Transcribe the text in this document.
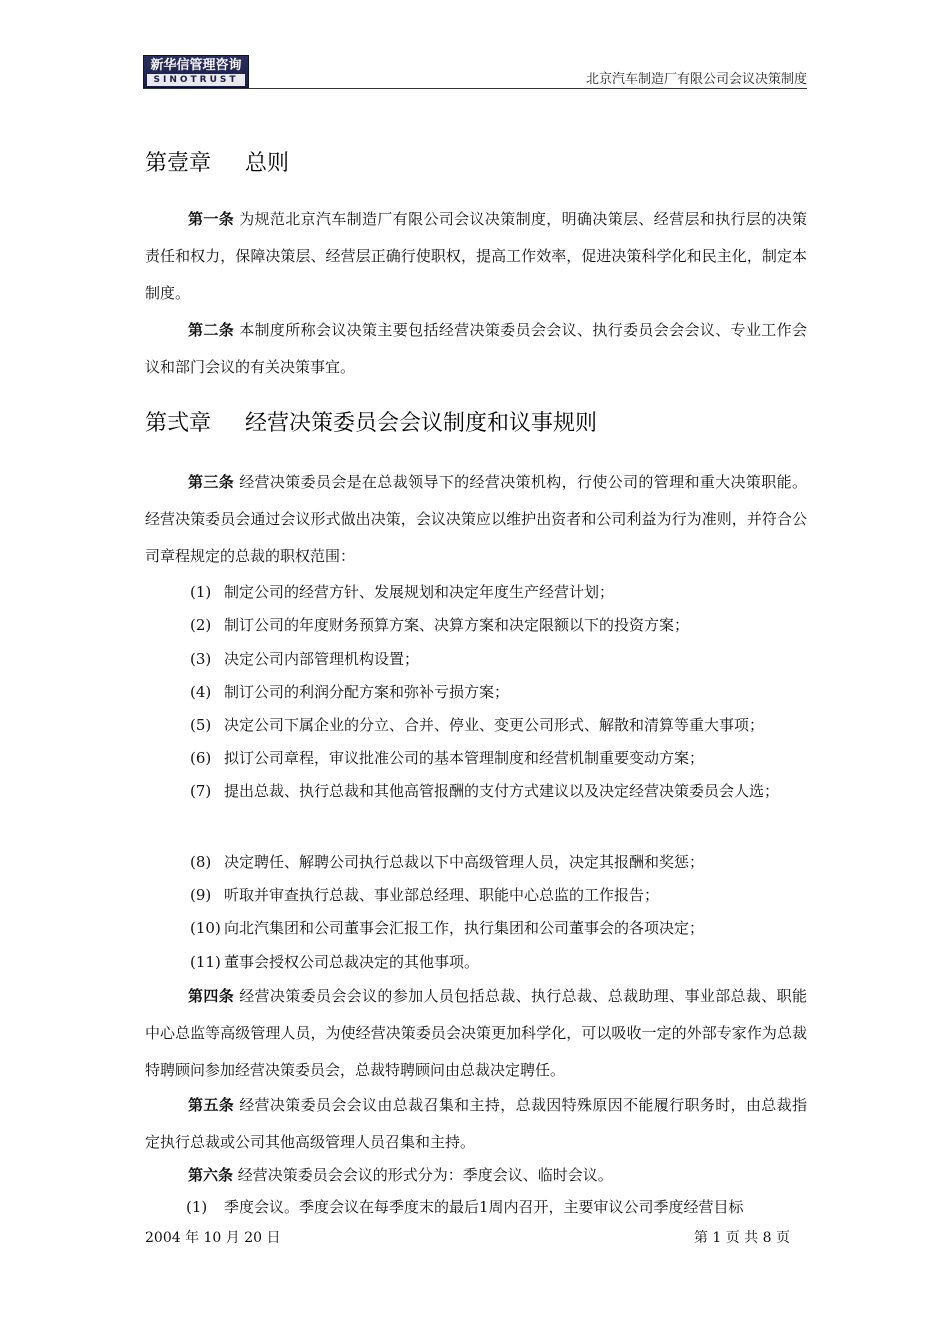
新华信管理咨询
SINOTRUST	北京汽车制造厂有限公司会议决策制度
第壹章 总则
第一条 为规范北京汽车制造厂有限公司会议决策制度，明确决策层、经营层和执行层的决策责任和权力，保障决策层、经营层正确行使职权，提高工作效率，促进决策科学化和民主化，制定本制度。
第二条 本制度所称会议决策主要包括经营决策委员会会议、执行委员会会会议、专业工作会议和部门会议的有关决策事宜。
第弍章 经营决策委员会会议制度和议事规则
第三条 经营决策委员会是在总裁领导下的经营决策机构，行使公司的管理和重大决策职能。经营决策委员会通过会议形式做出决策，会议决策应以维护出资者和公司利益为行为准则，并符合公司章程规定的总裁的职权范围：
(1) 制定公司的经营方针、发展规划和决定年度生产经营计划；
(2) 制订公司的年度财务预算方案、决算方案和决定限额以下的投资方案；
(3) 决定公司内部管理机构设置；
(4) 制订公司的利润分配方案和弥补亏损方案；
(5) 决定公司下属企业的分立、合并、停业、变更公司形式、解散和清算等重大事项；
(6) 拟订公司章程，审议批准公司的基本管理制度和经营机制重要变动方案；
(7) 提出总裁、执行总裁和其他高管报酬的支付方式建议以及决定经营决策委员会人选；
(8) 决定聘任、解聘公司执行总裁以下中高级管理人员，决定其报酬和奖惩；
(9) 听取并审查执行总裁、事业部总经理、职能中心总监的工作报告；
(10) 向北汽集团和公司董事会汇报工作，执行集团和公司董事会的各项决定；
(11) 董事会授权公司总裁决定的其他事项。
第四条 经营决策委员会会议的参加人员包括总裁、执行总裁、总裁助理、事业部总裁、职能中心总监等高级管理人员，为使经营决策委员会决策更加科学化，可以吸收一定的外部专家作为总裁特聘顾问参加经营决策委员会，总裁特聘顾问由总裁决定聘任。
第五条 经营决策委员会会议由总裁召集和主持，总裁因特殊原因不能履行职务时，由总裁指定执行总裁或公司其他高级管理人员召集和主持。
第六条 经营决策委员会会议的形式分为：季度会议、临时会议。
(1) 季度会议。季度会议在每季度末的最后1周内召开，主要审议公司季度经营目标
2004 年 10 月 20 日	第 1 页 共 8 页
